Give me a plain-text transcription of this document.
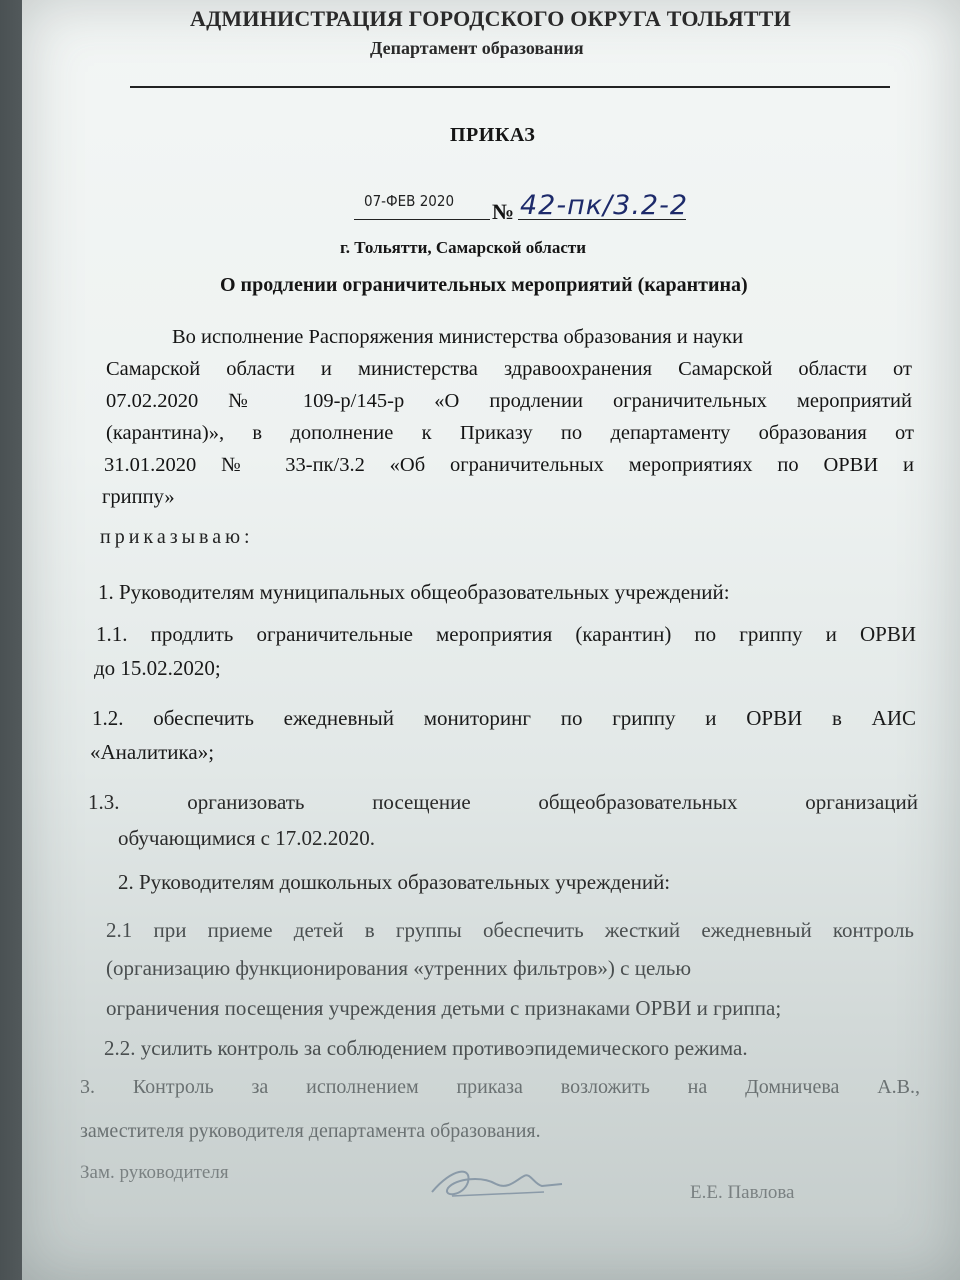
АДМИНИСТРАЦИЯ ГОРОДСКОГО ОКРУГА ТОЛЬЯТТИ
Департамент образования
ПРИКАЗ
07-ФЕВ 2020 № 42-пк/3.2-2
г. Тольятти, Самарской области
О продлении ограничительных мероприятий (карантина)
Во исполнение Распоряжения министерства образования и науки
Самарской области и министерства здравоохранения Самарской области от
07.02.2020 № 109-р/145-р «О продлении ограничительных мероприятий
(карантина)», в дополнение к Приказу по департаменту образования от
31.01.2020 № 33-пк/3.2 «Об ограничительных мероприятиях по ОРВИ и
гриппу»
приказываю:
1. Руководителям муниципальных общеобразовательных учреждений:
1.1. продлить ограничительные мероприятия (карантин) по гриппу и ОРВИ
до 15.02.2020;
1.2. обеспечить ежедневный мониторинг по гриппу и ОРВИ в АИС
«Аналитика»;
1.3. организовать посещение общеобразовательных организаций
обучающимися с 17.02.2020.
2. Руководителям дошкольных образовательных учреждений:
2.1 при приеме детей в группы обеспечить жесткий ежедневный контроль
(организацию функционирования «утренних фильтров») с целью
ограничения посещения учреждения детьми с признаками ОРВИ и гриппа;
2.2. усилить контроль за соблюдением противоэпидемического режима.
3. Контроль за исполнением приказа возложить на Домничева А.В.,
заместителя руководителя департамента образования.
Зам. руководителя
Е.Е. Павлова
